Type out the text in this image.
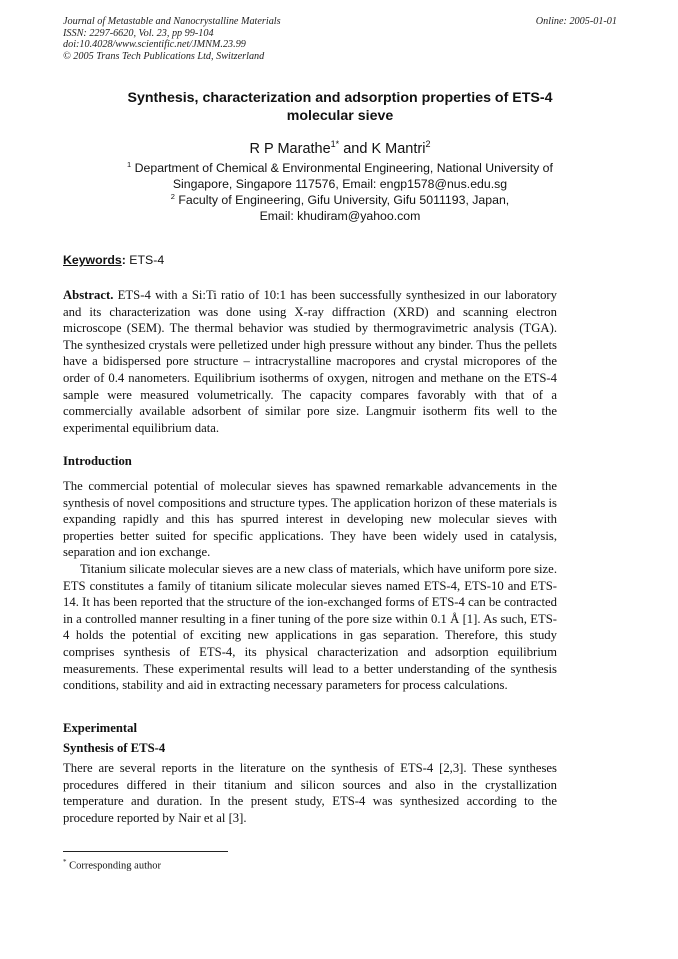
Journal of Metastable and Nanocrystalline Materials
ISSN: 2297-6620, Vol. 23, pp 99-104
doi:10.4028/www.scientific.net/JMNM.23.99
© 2005 Trans Tech Publications Ltd, Switzerland
Online: 2005-01-01
Synthesis, characterization and adsorption properties of ETS-4
molecular sieve
R P Marathe$^{1*}$ and K Mantri$^2$
$^1$ Department of Chemical & Environmental Engineering, National University of
Singapore, Singapore 117576, Email: engp1578@nus.edu.sg
$^2$ Faculty of Engineering, Gifu University, Gifu 5011193, Japan,
Email: khudiram@yahoo.com
Keywords: ETS-4
Abstract. ETS-4 with a Si:Ti ratio of 10:1 has been successfully synthesized in our laboratory and its characterization was done using X-ray diffraction (XRD) and scanning electron microscope (SEM). The thermal behavior was studied by thermogravimetric analysis (TGA). The synthesized crystals were pelletized under high pressure without any binder. Thus the pellets have a bidispersed pore structure – intracrystalline macropores and crystal micropores of the order of 0.4 nanometers. Equilibrium isotherms of oxygen, nitrogen and methane on the ETS-4 sample were measured volumetrically. The capacity compares favorably with that of a commercially available adsorbent of similar pore size. Langmuir isotherm fits well to the experimental equilibrium data.
Introduction
The commercial potential of molecular sieves has spawned remarkable advancements in the synthesis of novel compositions and structure types. The application horizon of these materials is expanding rapidly and this has spurred interest in developing new molecular sieves with properties better suited for specific applications. They have been widely used in catalysis, separation and ion exchange.
Titanium silicate molecular sieves are a new class of materials, which have uniform pore size. ETS constitutes a family of titanium silicate molecular sieves named ETS-4, ETS-10 and ETS-14. It has been reported that the structure of the ion-exchanged forms of ETS-4 can be contracted in a controlled manner resulting in a finer tuning of the pore size within 0.1 Å [1]. As such, ETS-4 holds the potential of exciting new applications in gas separation. Therefore, this study comprises synthesis of ETS-4, its physical characterization and adsorption equilibrium measurements. These experimental results will lead to a better understanding of the synthesis conditions, stability and aid in extracting necessary parameters for process calculations.
Experimental
Synthesis of ETS-4
There are several reports in the literature on the synthesis of ETS-4 [2,3]. These syntheses procedures differed in their titanium and silicon sources and also in the crystallization temperature and duration. In the present study, ETS-4 was synthesized according to the procedure reported by Nair et al [3].
* Corresponding author
